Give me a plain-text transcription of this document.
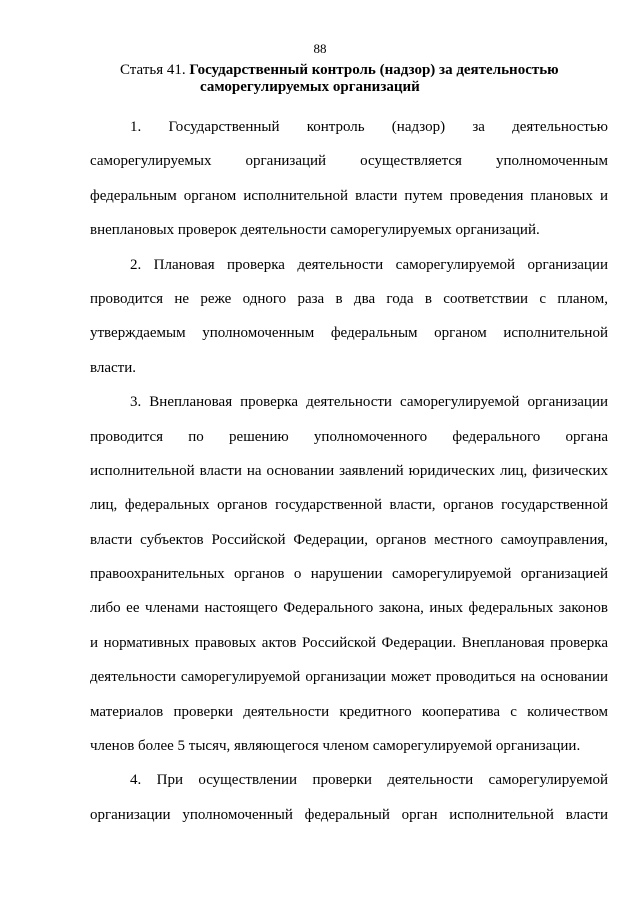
88
Статья 41. Государственный контроль (надзор) за деятельностью
саморегулируемых организаций
1. Государственный контроль (надзор) за деятельностью
саморегулируемых организаций осуществляется уполномоченным
федеральным органом исполнительной власти путем проведения плановых и
внеплановых проверок деятельности саморегулируемых организаций.
2. Плановая проверка деятельности саморегулируемой организации
проводится не реже одного раза в два года в соответствии с планом,
утверждаемым уполномоченным федеральным органом исполнительной
власти.
3. Внеплановая проверка деятельности саморегулируемой организации
проводится по решению уполномоченного федерального органа
исполнительной власти на основании заявлений юридических лиц, физических
лиц, федеральных органов государственной власти, органов государственной
власти субъектов Российской Федерации, органов местного самоуправления,
правоохранительных органов о нарушении саморегулируемой организацией
либо ее членами настоящего Федерального закона, иных федеральных законов
и нормативных правовых актов Российской Федерации. Внеплановая проверка
деятельности саморегулируемой организации может проводиться на основании
материалов проверки деятельности кредитного кооператива с количеством
членов более 5 тысяч, являющегося членом саморегулируемой организации.
4. При осуществлении проверки деятельности саморегулируемой
организации уполномоченный федеральный орган исполнительной власти
